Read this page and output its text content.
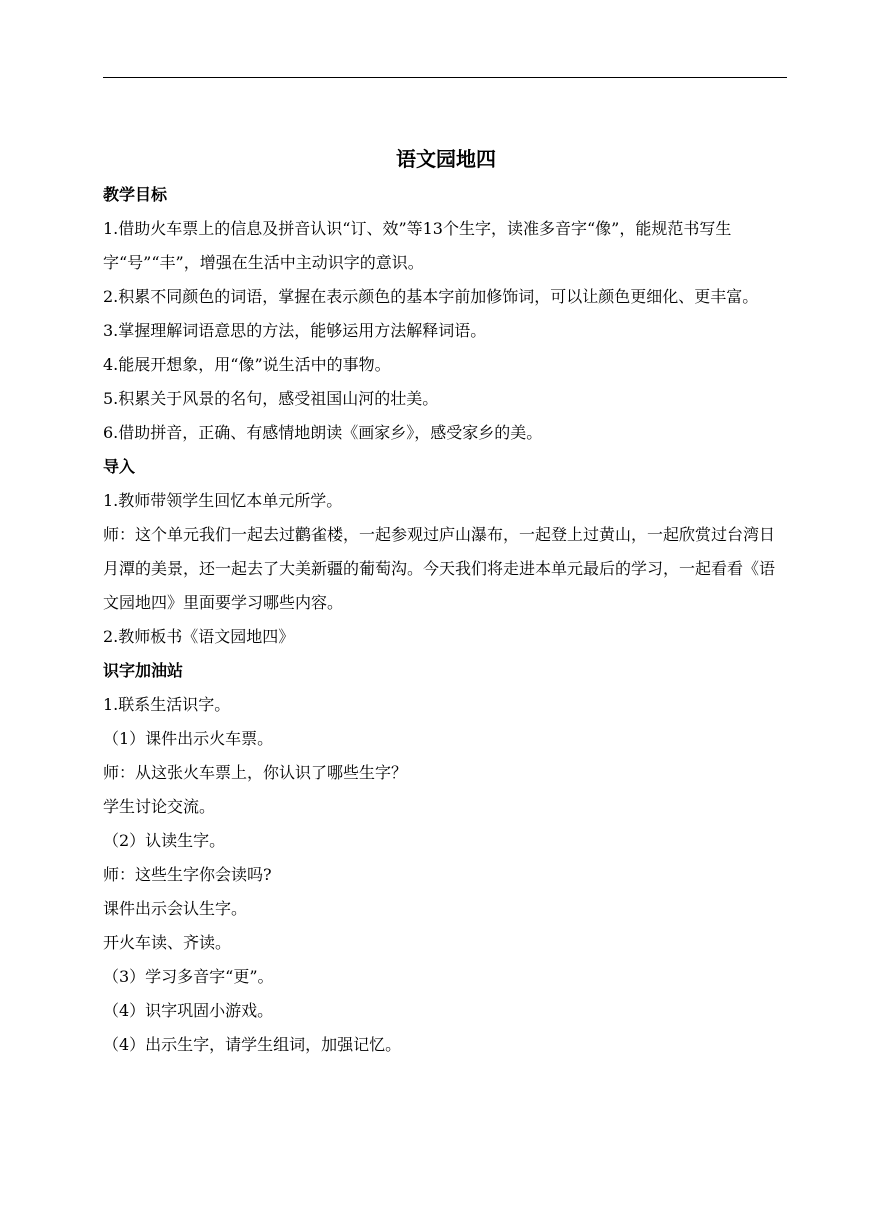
语文园地四
教学目标
1.借助火车票上的信息及拼音认识“订、效”等13个生字，读准多音字“像”，能规范书写生字“号”“丰”，增强在生活中主动识字的意识。
2.积累不同颜色的词语，掌握在表示颜色的基本字前加修饰词，可以让颜色更细化、更丰富。
3.掌握理解词语意思的方法，能够运用方法解释词语。
4.能展开想象，用“像”说生活中的事物。
5.积累关于风景的名句，感受祖国山河的壮美。
6.借助拼音，正确、有感情地朗读《画家乡》，感受家乡的美。
导入
1.教师带领学生回忆本单元所学。
师：这个单元我们一起去过鹳雀楼，一起参观过庐山瀑布，一起登上过黄山，一起欣赏过台湾日月潭的美景，还一起去了大美新疆的葡萄沟。今天我们将走进本单元最后的学习，一起看看《语文园地四》里面要学习哪些内容。
2.教师板书《语文园地四》
识字加油站
1.联系生活识字。
（1）课件出示火车票。
师：从这张火车票上，你认识了哪些生字？
学生讨论交流。
（2）认读生字。
师：这些生字你会读吗?
课件出示会认生字。
开火车读、齐读。
（3）学习多音字“更”。
（4）识字巩固小游戏。
（4）出示生字，请学生组词，加强记忆。
